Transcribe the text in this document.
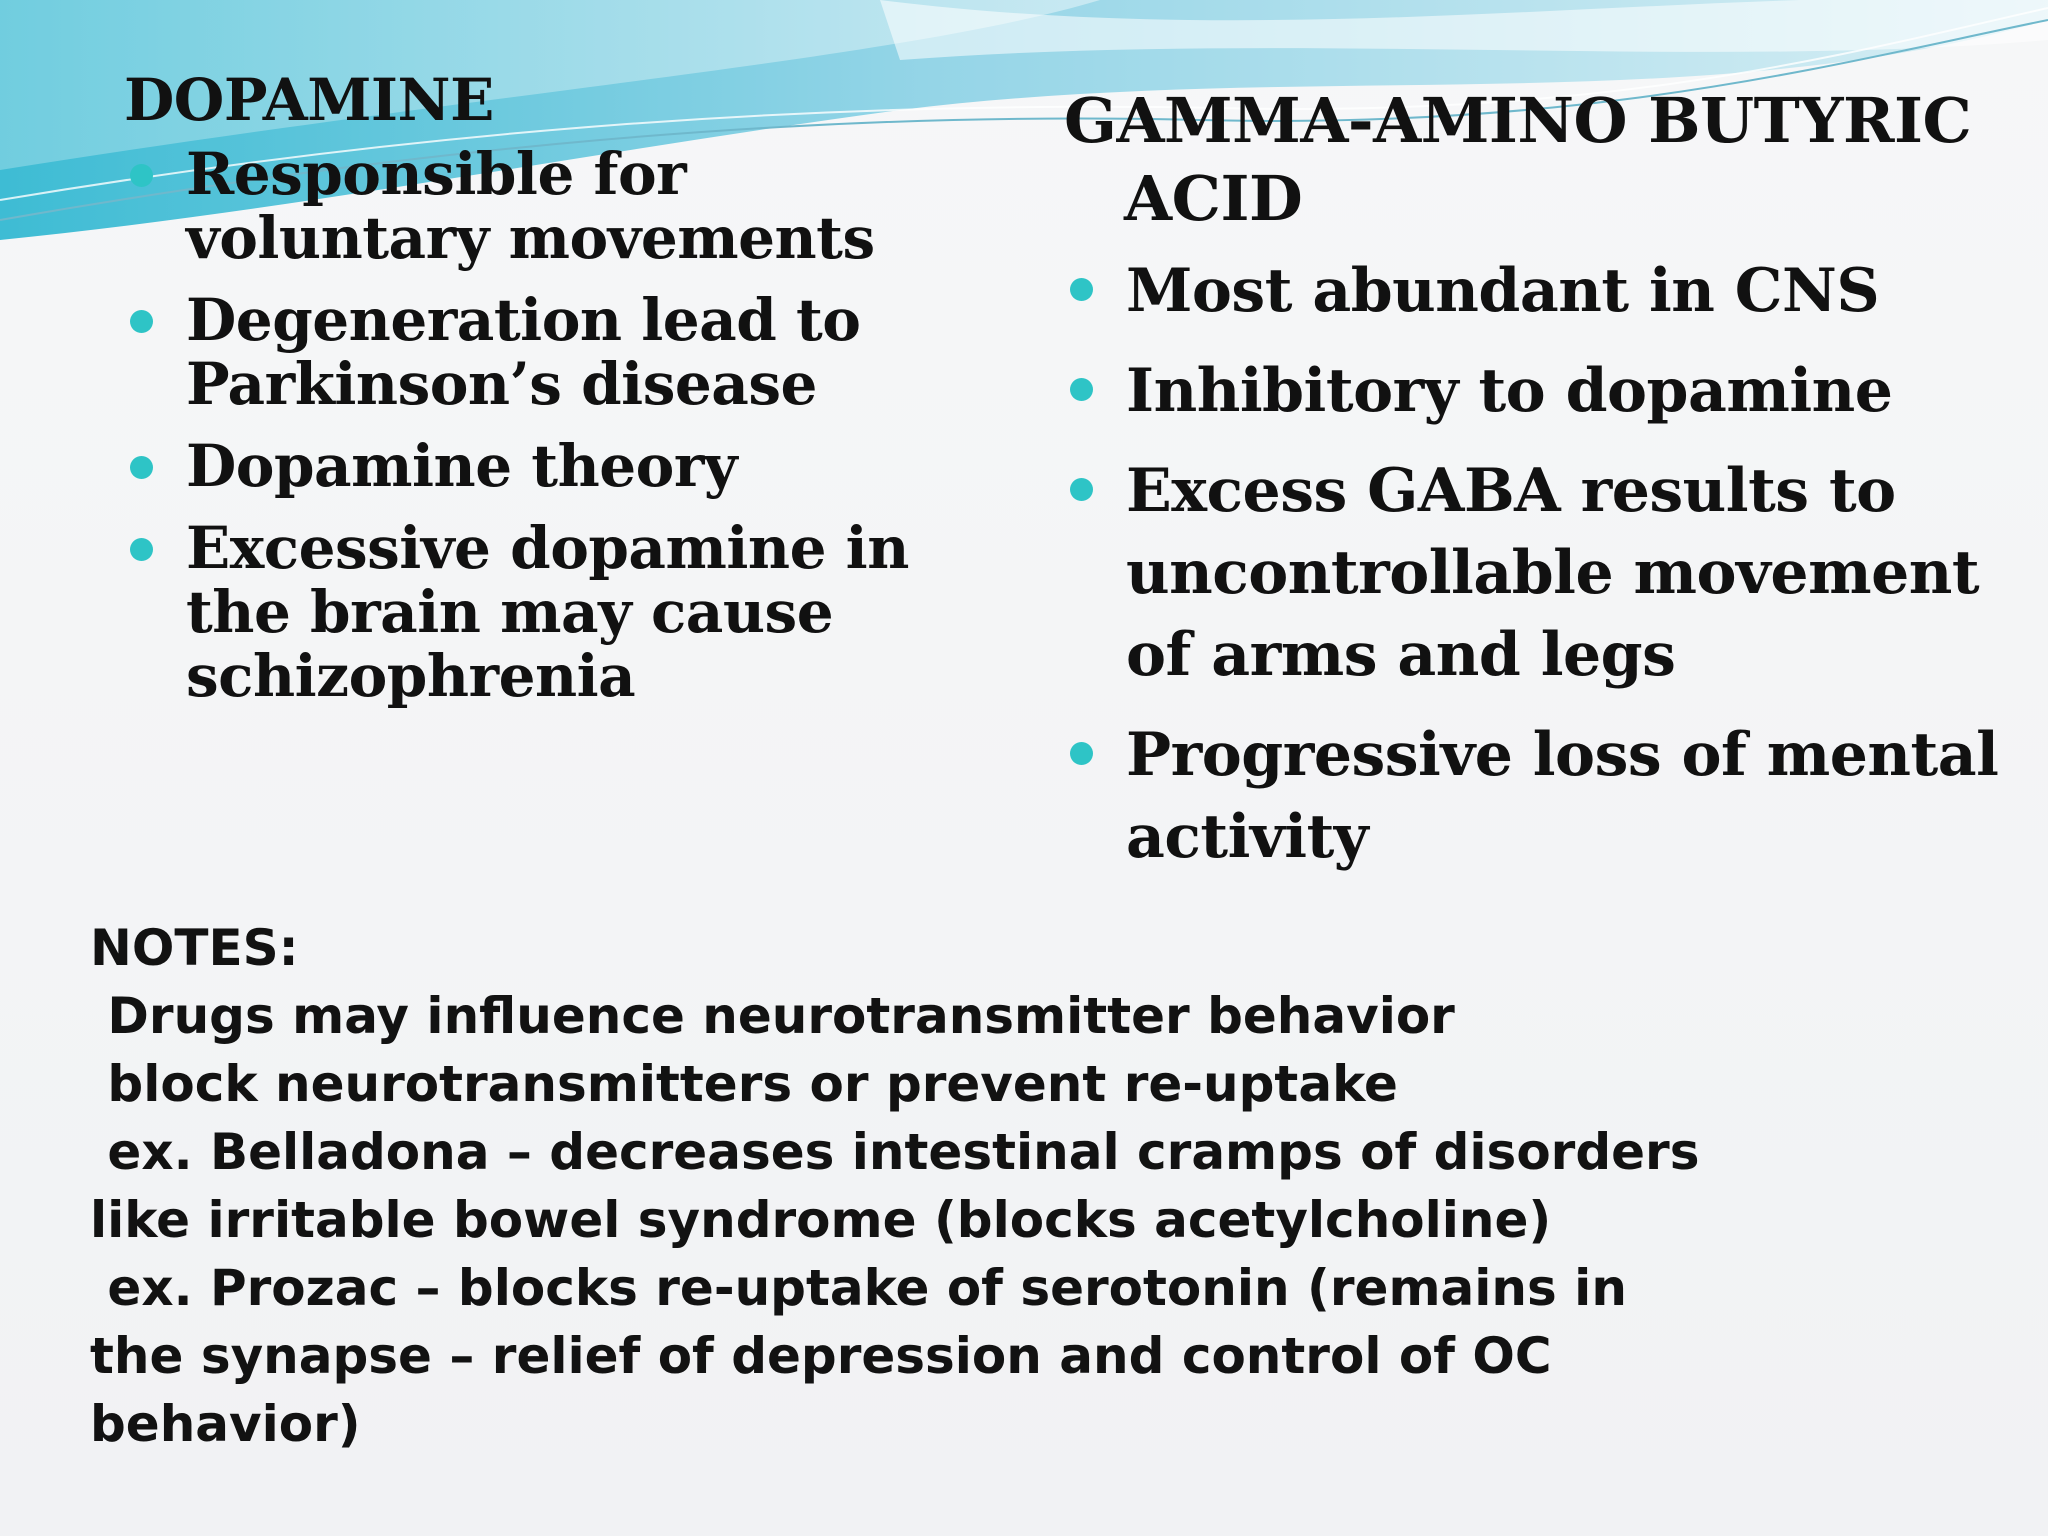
DOPAMINE
Responsible for voluntary movements
Degeneration lead to Parkinson’s disease
Dopamine theory
Excessive dopamine in the brain may cause schizophrenia
GAMMA-AMINO BUTYRIC ACID
Most abundant in CNS
Inhibitory to dopamine
Excess GABA results to uncontrollable movement of arms and legs
Progressive loss of mental activity
NOTES:
Drugs may influence neurotransmitter behavior
block neurotransmitters or prevent re-uptake
ex. Belladona – decreases intestinal cramps of disorders
like irritable bowel syndrome (blocks acetylcholine)
ex. Prozac – blocks re-uptake of serotonin (remains in
the synapse – relief of depression and control of OC
behavior)
